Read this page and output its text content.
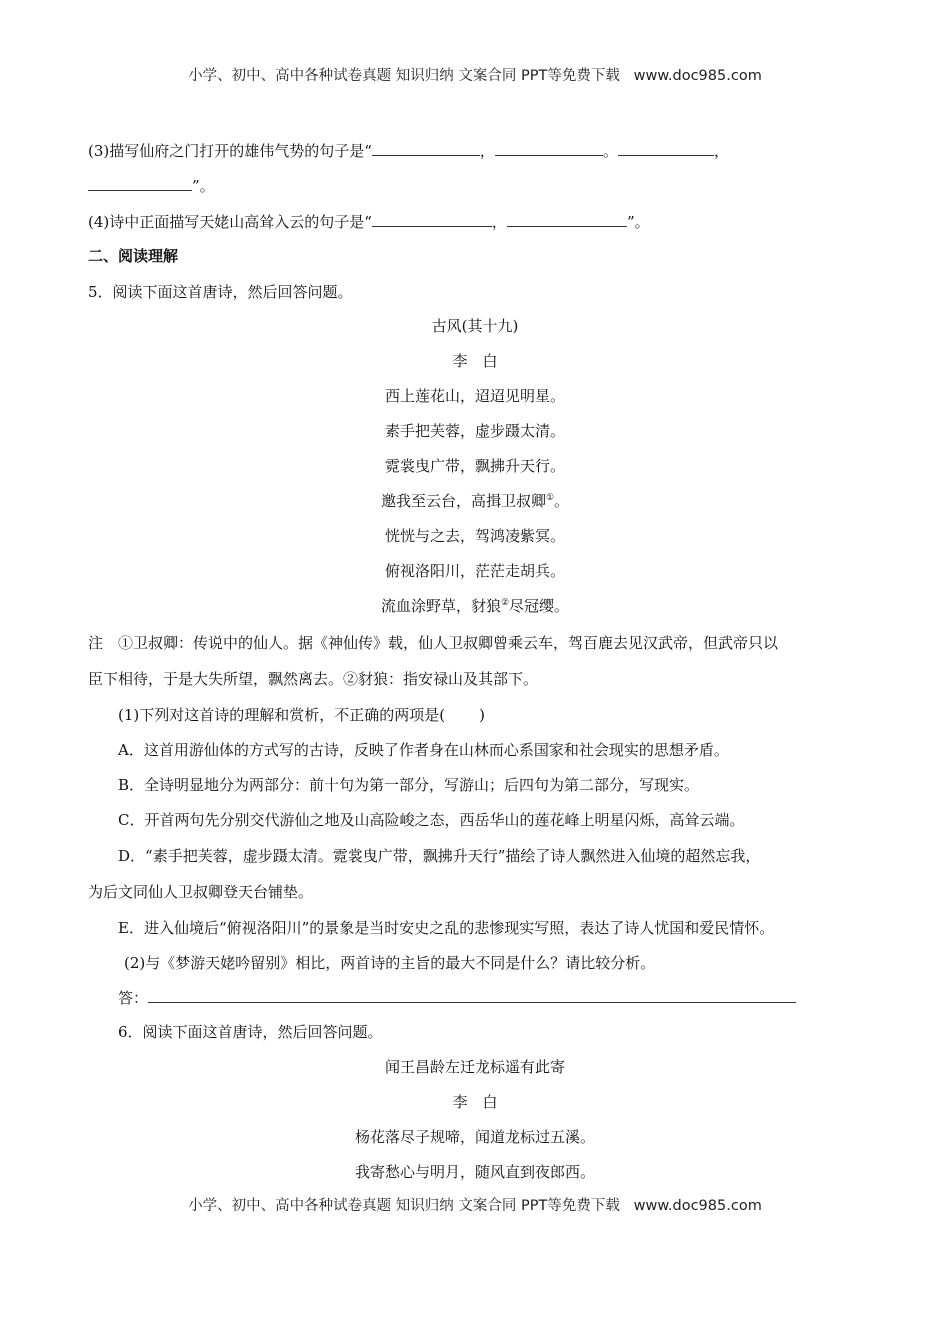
小学、初中、高中各种试卷真题 知识归纳 文案合同 PPT等免费下载 www.doc985.com
(3)描写仙府之门打开的雄伟气势的句子是“	，	。	，
”。
(4)诗中正面描写天姥山高耸入云的句子是“	，	”。
二、阅读理解
5．阅读下面这首唐诗，然后回答问题。
古风(其十九)
李　白
西上莲花山，迢迢见明星。
素手把芙蓉，虚步蹑太清。
霓裳曳广带，飘拂升天行。
邀我至云台，高揖卫叔卿①。
恍恍与之去，驾鸿凌紫冥。
俯视洛阳川，茫茫走胡兵。
流血涂野草，豺狼②尽冠缨。
注　①卫叔卿：传说中的仙人。据《神仙传》载，仙人卫叔卿曾乘云车，驾百鹿去见汉武帝，但武帝只以
臣下相待，于是大失所望，飘然离去。②豺狼：指安禄山及其部下。
(1)下列对这首诗的理解和赏析，不正确的两项是( )
A．这首用游仙体的方式写的古诗，反映了作者身在山林而心系国家和社会现实的思想矛盾。
B．全诗明显地分为两部分：前十句为第一部分，写游山；后四句为第二部分，写现实。
C．开首两句先分别交代游仙之地及山高险峻之态，西岳华山的莲花峰上明星闪烁，高耸云端。
D．“素手把芙蓉，虚步蹑太清。霓裳曳广带，飘拂升天行”描绘了诗人飘然进入仙境的超然忘我，
为后文同仙人卫叔卿登天台铺垫。
E．进入仙境后“俯视洛阳川”的景象是当时安史之乱的悲惨现实写照，表达了诗人忧国和爱民情怀。
(2)与《梦游天姥吟留别》相比，两首诗的主旨的最大不同是什么？请比较分析。
答：
6．阅读下面这首唐诗，然后回答问题。
闻王昌龄左迁龙标遥有此寄
李　白
杨花落尽子规啼，闻道龙标过五溪。
我寄愁心与明月，随风直到夜郎西。
小学、初中、高中各种试卷真题 知识归纳 文案合同 PPT等免费下载 www.doc985.com
